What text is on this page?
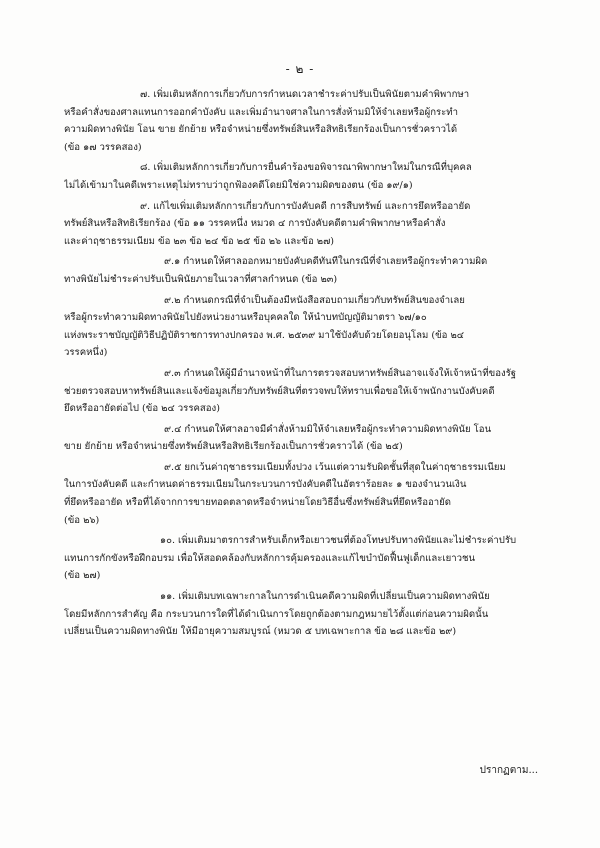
- ๒ -
๗. เพิ่มเติมหลักการเกี่ยวกับการกำหนดเวลาชำระค่าปรับเป็นพินัยตามคำพิพากษา
หรือคำสั่งของศาลแทนการออกคำบังคับ และเพิ่มอำนาจศาลในการสั่งห้ามมิให้จำเลยหรือผู้กระทำ
ความผิดทางพินัย โอน ขาย ยักย้าย หรือจำหน่ายซึ่งทรัพย์สินหรือสิทธิเรียกร้องเป็นการชั่วคราวได้
(ข้อ ๑๗ วรรคสอง)
๘. เพิ่มเติมหลักการเกี่ยวกับการยื่นคำร้องขอพิจารณาพิพากษาใหม่ในกรณีที่บุคคล
ไม่ได้เข้ามาในคดีเพราะเหตุไม่ทราบว่าถูกฟ้องคดีโดยมิใช่ความผิดของตน (ข้อ ๑๙/๑)
๙. แก้ไขเพิ่มเติมหลักการเกี่ยวกับการบังคับคดี การสืบทรัพย์ และการยึดหรืออายัด
ทรัพย์สินหรือสิทธิเรียกร้อง (ข้อ ๑๑ วรรคหนึ่ง หมวด ๔ การบังคับคดีตามคำพิพากษาหรือคำสั่ง
และค่าฤชาธรรมเนียม ข้อ ๒๓ ข้อ ๒๔ ข้อ ๒๕ ข้อ ๒๖ และข้อ ๒๗)
๙.๑ กำหนดให้ศาลออกหมายบังคับคดีทันทีในกรณีที่จำเลยหรือผู้กระทำความผิด
ทางพินัยไม่ชำระค่าปรับเป็นพินัยภายในเวลาที่ศาลกำหนด (ข้อ ๒๓)
๙.๒ กำหนดกรณีที่จำเป็นต้องมีหนังสือสอบถามเกี่ยวกับทรัพย์สินของจำเลย
หรือผู้กระทำความผิดทางพินัยไปยังหน่วยงานหรือบุคคลใด ให้นำบทบัญญัติมาตรา ๖๗/๑๐
แห่งพระราชบัญญัติวิธีปฏิบัติราชการทางปกครอง พ.ศ. ๒๕๓๙ มาใช้บังคับด้วยโดยอนุโลม (ข้อ ๒๔
วรรคหนึ่ง)
๙.๓ กำหนดให้ผู้มีอำนาจหน้าที่ในการตรวจสอบหาทรัพย์สินอาจแจ้งให้เจ้าหน้าที่ของรัฐ
ช่วยตรวจสอบหาทรัพย์สินและแจ้งข้อมูลเกี่ยวกับทรัพย์สินที่ตรวจพบให้ทราบเพื่อขอให้เจ้าพนักงานบังคับคดี
ยึดหรืออายัดต่อไป (ข้อ ๒๔ วรรคสอง)
๙.๔ กำหนดให้ศาลอาจมีคำสั่งห้ามมิให้จำเลยหรือผู้กระทำความผิดทางพินัย โอน
ขาย ยักย้าย หรือจำหน่ายซึ่งทรัพย์สินหรือสิทธิเรียกร้องเป็นการชั่วคราวได้ (ข้อ ๒๕)
๙.๕ ยกเว้นค่าฤชาธรรมเนียมทั้งปวง เว้นแต่ความรับผิดชั้นที่สุดในค่าฤชาธรรมเนียม
ในการบังคับคดี และกำหนดค่าธรรมเนียมในกระบวนการบังคับคดีในอัตราร้อยละ ๑ ของจำนวนเงิน
ที่ยึดหรืออายัด หรือที่ได้จากการขายทอดตลาดหรือจำหน่ายโดยวิธีอื่นซึ่งทรัพย์สินที่ยึดหรืออายัด
(ข้อ ๒๖)
๑๐. เพิ่มเติมมาตรการสำหรับเด็กหรือเยาวชนที่ต้องโทษปรับทางพินัยและไม่ชำระค่าปรับ
แทนการกักขังหรือฝึกอบรม เพื่อให้สอดคล้องกับหลักการคุ้มครองและแก้ไขบำบัดฟื้นฟูเด็กและเยาวชน
(ข้อ ๒๗)
๑๑. เพิ่มเติมบทเฉพาะกาลในการดำเนินคดีความผิดที่เปลี่ยนเป็นความผิดทางพินัย
โดยมีหลักการสำคัญ คือ กระบวนการใดที่ได้ดำเนินการโดยถูกต้องตามกฎหมายไว้ตั้งแต่ก่อนความผิดนั้น
เปลี่ยนเป็นความผิดทางพินัย ให้มีอายุความสมบูรณ์ (หมวด ๕ บทเฉพาะกาล ข้อ ๒๘ และข้อ ๒๙)
ปรากฏตาม...
